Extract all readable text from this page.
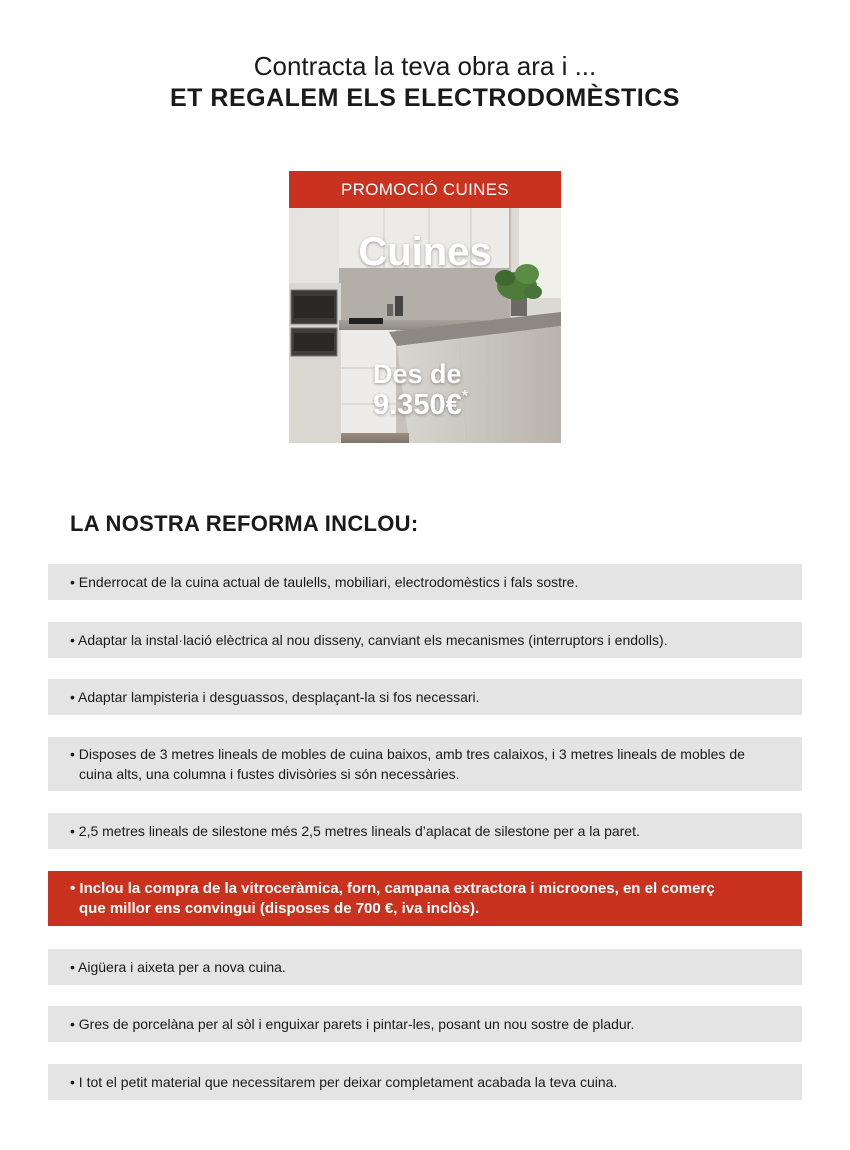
Contracta la teva obra ara i ...
ET REGALEM ELS ELECTRODOMÈSTICS
PROMOCIÓ CUINES
Cuines
Des de
9.350€*
LA NOSTRA REFORMA INCLOU:
• Enderrocat de la cuina actual de taulells, mobiliari, electrodomèstics i fals sostre.
• Adaptar la instal·lació elèctrica al nou disseny, canviant els mecanismes (interruptors i endolls).
• Adaptar lampisteria i desguassos, desplaçant-la si fos necessari.
• Disposes de 3 metres lineals de mobles de cuina baixos, amb tres calaixos, i 3 metres lineals de mobles de cuina alts, una columna i fustes divisòries si són necessàries.
• 2,5 metres lineals de silestone més 2,5 metres lineals d’aplacat de silestone per a la paret.
• Inclou la compra de la vitroceràmica, forn, campana extractora i microones, en el comerç que millor ens convingui (disposes de 700 €, iva inclòs).
• Aigüera i aixeta per a nova cuina.
• Gres de porcelàna per al sòl i enguixar parets i pintar-les, posant un nou sostre de pladur.
• I tot el petit material que necessitarem per deixar completament acabada la teva cuina.
